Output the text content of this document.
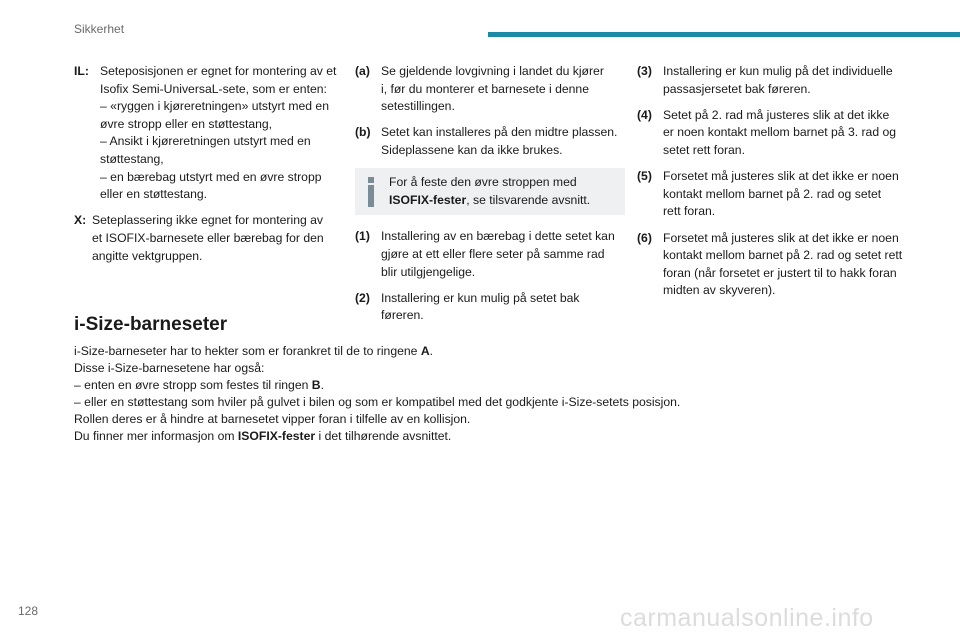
Sikkerhet
IL: Seteposisjonen er egnet for montering av et
Isofix Semi-UniversaL-sete, som er enten:
– «ryggen i kjøreretningen» utstyrt med en
øvre stropp eller en støttestang,
– Ansikt i kjøreretningen utstyrt med en
støttestang,
– en bærebag utstyrt med en øvre stropp
eller en støttestang.
X: Seteplassering ikke egnet for montering av
et ISOFIX-barnesete eller bærebag for den
angitte vektgruppen.
(a) Se gjeldende lovgivning i landet du kjører
i, før du monterer et barnesete i denne
setestillingen.
(b) Setet kan installeres på den midtre plassen.
Sideplassene kan da ikke brukes.
For å feste den øvre stroppen med
ISOFIX-fester, se tilsvarende avsnitt.
(1) Installering av en bærebag i dette setet kan
gjøre at ett eller flere seter på samme rad
blir utilgjengelige.
(2) Installering er kun mulig på setet bak
føreren.
(3) Installering er kun mulig på det individuelle
passasjersetet bak føreren.
(4) Setet på 2. rad må justeres slik at det ikke
er noen kontakt mellom barnet på 3. rad og
setet rett foran.
(5) Forsetet må justeres slik at det ikke er noen
kontakt mellom barnet på 2. rad og setet
rett foran.
(6) Forsetet må justeres slik at det ikke er noen
kontakt mellom barnet på 2. rad og setet rett
foran (når forsetet er justert til to hakk foran
midten av skyveren).
i-Size-barneseter

i-Size-barneseter har to hekter som er forankret til de to ringene A.

Disse i-Size-barnesetene har også:

– enten en øvre stropp som festes til ringen B.

– eller en støttestang som hviler på gulvet i bilen og som er kompatibel med det godkjente i-Size-setets posisjon.

Rollen deres er å hindre at barnesetet vipper foran i tilfelle av en kollisjon.

Du finner mer informasjon om ISOFIX-fester i det tilhørende avsnittet.

128	carmanualsonline.info
